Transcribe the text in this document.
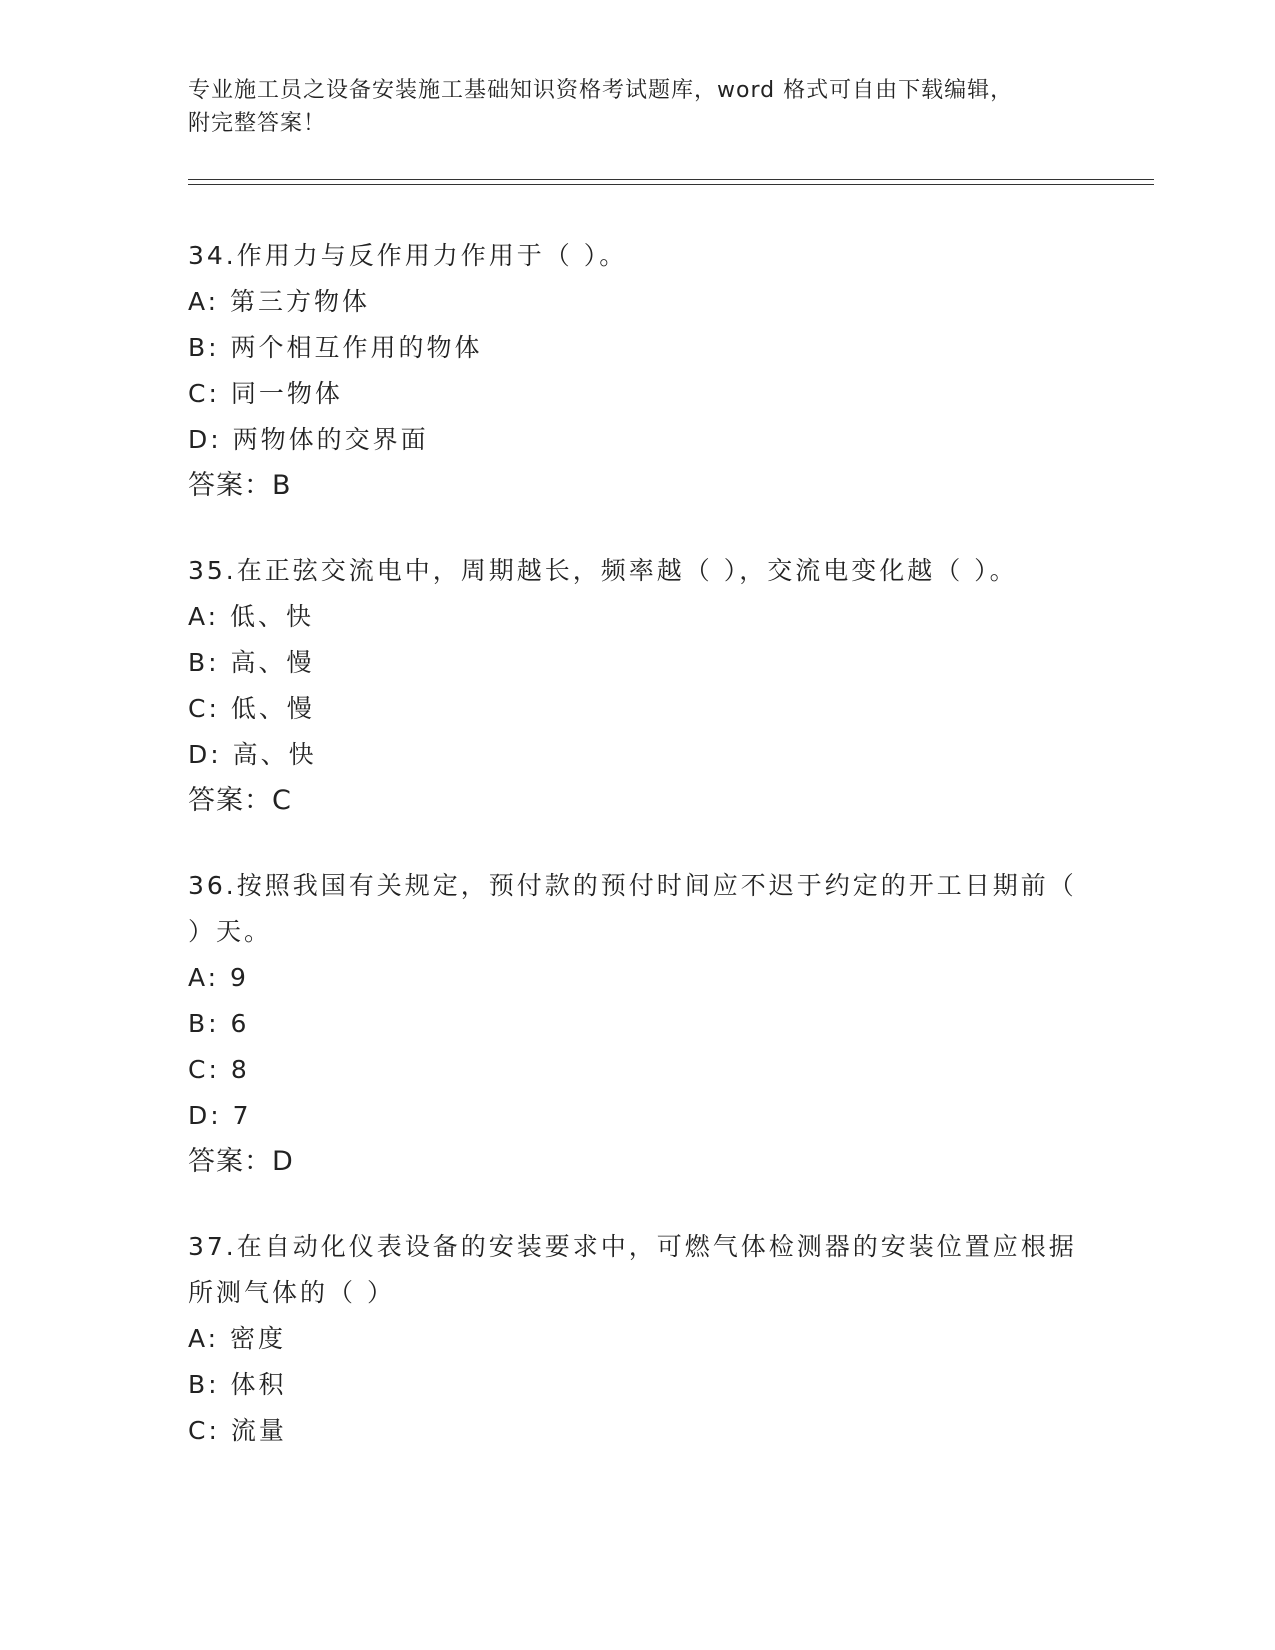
专业施工员之设备安装施工基础知识资格考试题库，word 格式可自由下载编辑，
附完整答案！

34.作用力与反作用力作用于（ ）。

A: 第三方物体

B: 两个相互作用的物体

C: 同一物体

D: 两物体的交界面

答案：B

35.在正弦交流电中，周期越长，频率越（ ），交流电变化越（ ）。

A: 低、快

B: 高、慢

C: 低、慢

D: 高、快

答案：C

36.按照我国有关规定，预付款的预付时间应不迟于约定的开工日期前（ ）天。

A: 9

B: 6

C: 8

D: 7

答案：D

37.在自动化仪表设备的安装要求中，可燃气体检测器的安装位置应根据所测气体的（ ）

A: 密度

B: 体积

C: 流量
